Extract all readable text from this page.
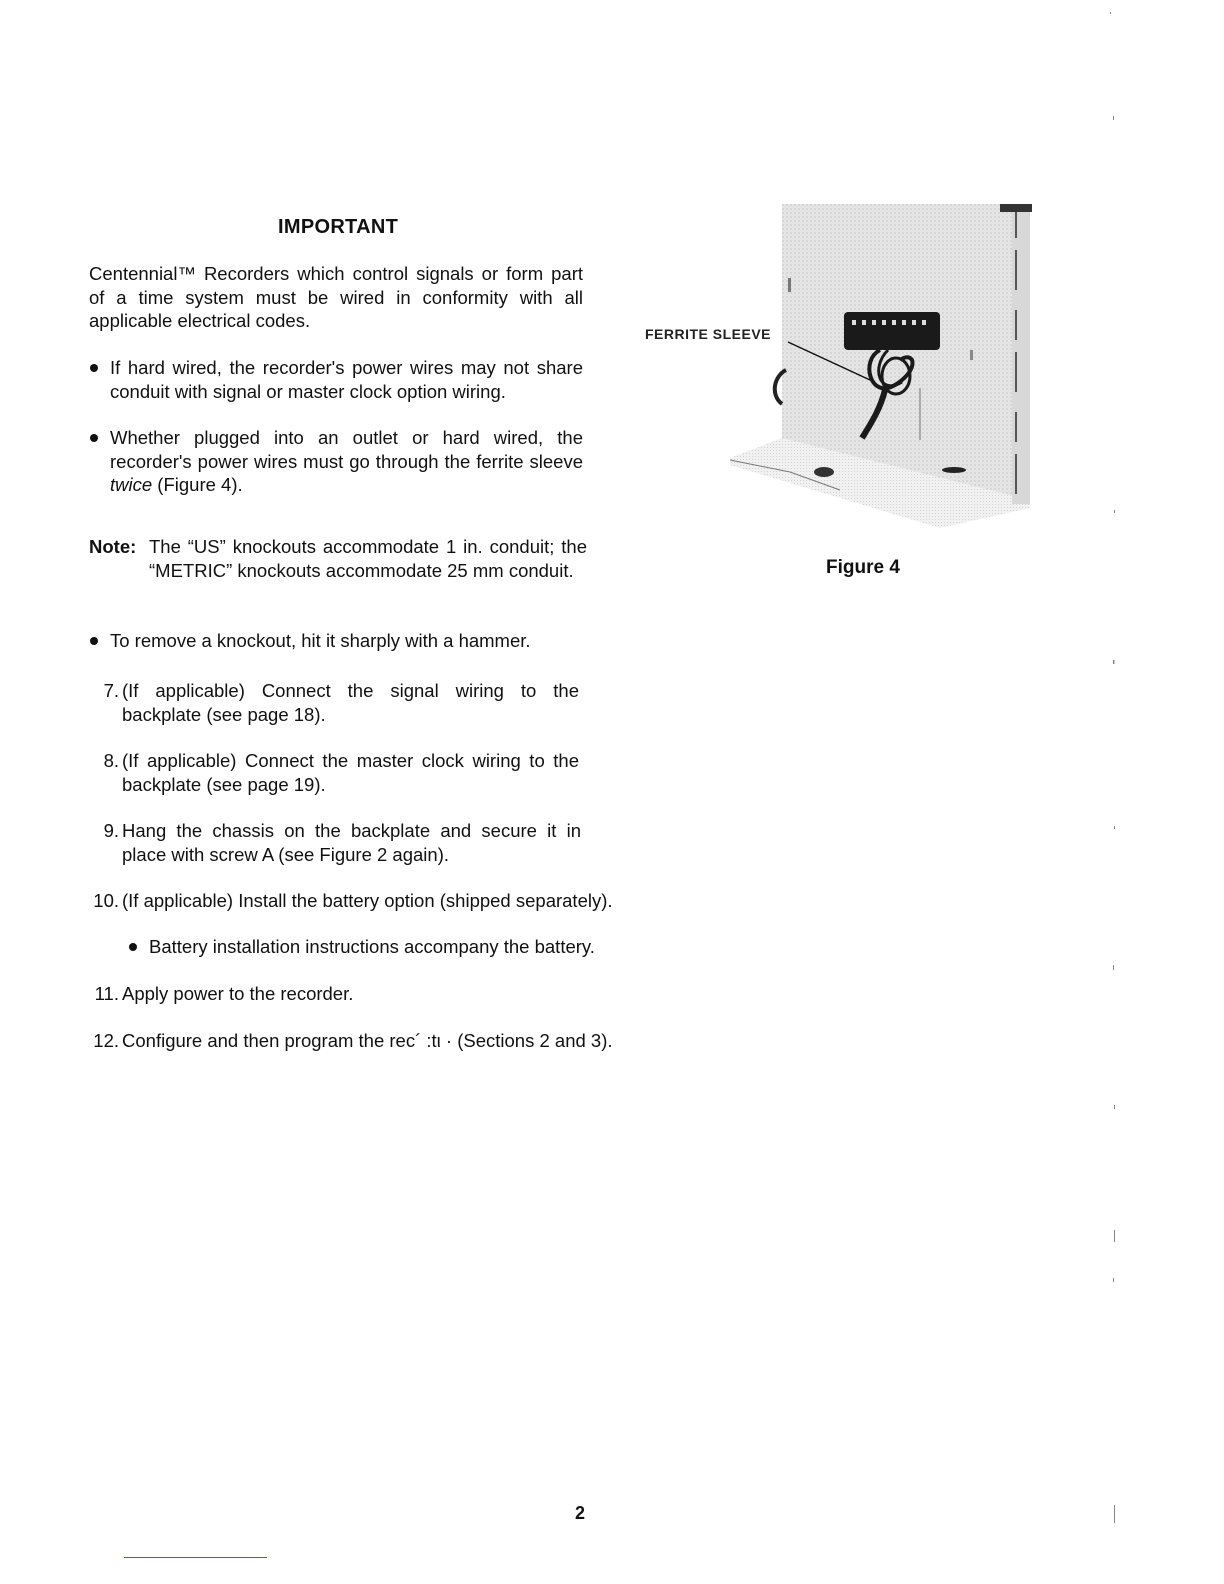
IMPORTANT
Centennial™ Recorders which control signals or form part of a time system must be wired in conformity with all applicable electrical codes.
If hard wired, the recorder's power wires may not share conduit with signal or master clock option wiring.
Whether plugged into an outlet or hard wired, the recorder's power wires must go through the ferrite sleeve twice (Figure 4).
Note: The “US” knockouts accommodate 1 in. conduit; the “METRIC” knockouts accommodate 25 mm conduit.
To remove a knockout, hit it sharply with a hammer.
7. (If applicable) Connect the signal wiring to the backplate (see page 18).
8. (If applicable) Connect the master clock wiring to the backplate (see page 19).
9. Hang the chassis on the backplate and secure it in place with screw A (see Figure 2 again).
10. (If applicable) Install the battery option (shipped separately).
Battery installation instructions accompany the battery.
11. Apply power to the recorder.
12. Configure and then program the rec´ :tι · (Sections 2 and 3).
FERRITE SLEEVE
Figure 4
2
